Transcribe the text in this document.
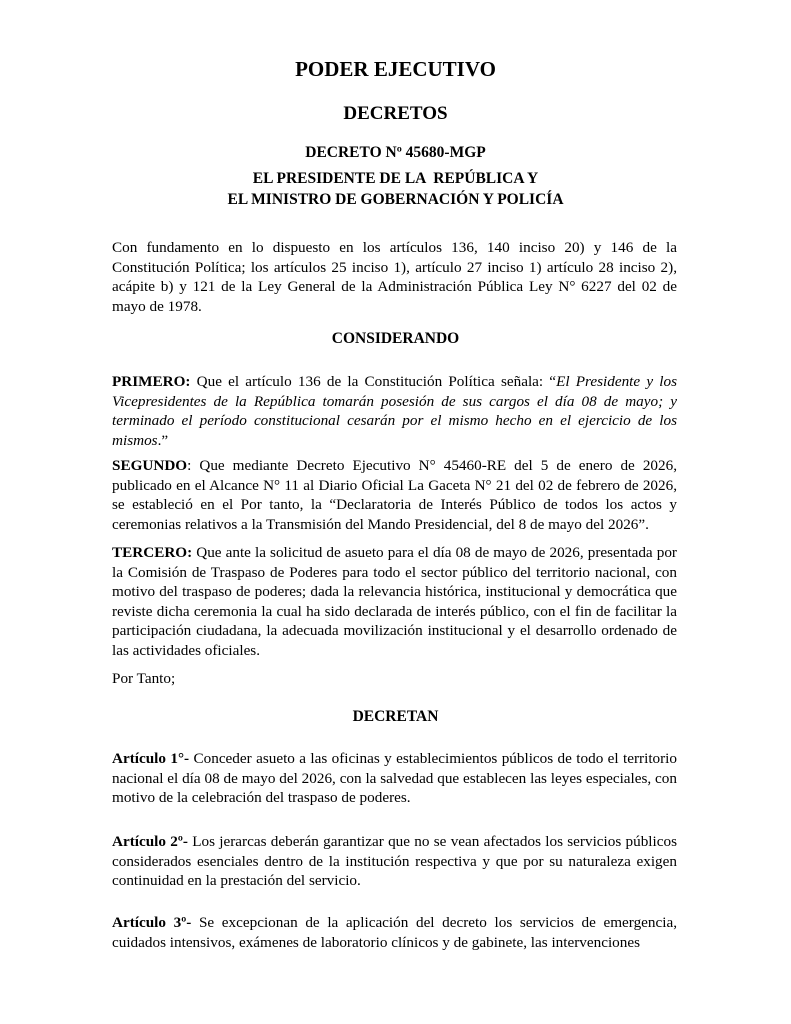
PODER EJECUTIVO
DECRETOS
DECRETO Nº 45680-MGP
EL PRESIDENTE DE LA  REPÚBLICA Y
EL MINISTRO DE GOBERNACIÓN Y POLICÍA

Con fundamento en lo dispuesto en los artículos 136, 140 inciso 20) y 146 de la Constitución Política; los artículos 25 inciso 1), artículo 27 inciso 1) artículo 28 inciso 2), acápite b) y 121 de la Ley General de la Administración Pública Ley N° 6227 del 02 de mayo de 1978.

CONSIDERANDO

PRIMERO: Que el artículo 136 de la Constitución Política señala: “El Presidente y los Vicepresidentes de la República tomarán posesión de sus cargos el día 08 de mayo; y terminado el período constitucional cesarán por el mismo hecho en el ejercicio de los mismos.”

SEGUNDO: Que mediante Decreto Ejecutivo N° 45460-RE del 5 de enero de 2026, publicado en el Alcance N° 11 al Diario Oficial La Gaceta N° 21 del 02 de febrero de 2026, se estableció en el Por tanto, la “Declaratoria de Interés Público de todos los actos y ceremonias relativos a la Transmisión del Mando Presidencial, del 8 de mayo del 2026”.

TERCERO: Que ante la solicitud de asueto para el día 08 de mayo de 2026, presentada por la Comisión de Traspaso de Poderes para todo el sector público del territorio nacional, con motivo del traspaso de poderes; dada la relevancia histórica, institucional y democrática que reviste dicha ceremonia la cual ha sido declarada de interés público, con el fin de facilitar la participación ciudadana, la adecuada movilización institucional y el desarrollo ordenado de las actividades oficiales.

Por Tanto;

DECRETAN

Artículo 1°- Conceder asueto a las oficinas y establecimientos públicos de todo el territorio nacional el día 08 de mayo del 2026, con la salvedad que establecen las leyes especiales, con motivo de la celebración del traspaso de poderes.

Artículo 2º- Los jerarcas deberán garantizar que no se vean afectados los servicios públicos considerados esenciales dentro de la institución respectiva y que por su naturaleza exigen continuidad en la prestación del servicio.

Artículo 3º- Se excepcionan de la aplicación del decreto los servicios de emergencia, cuidados intensivos, exámenes de laboratorio clínicos y de gabinete, las intervenciones
